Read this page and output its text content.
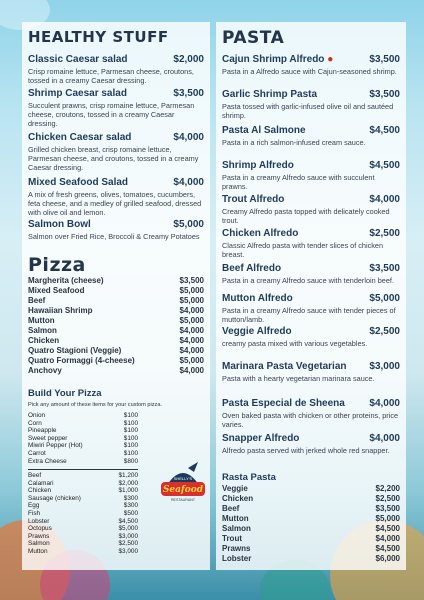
HEALTHY STUFF
Classic Caesar salad	$2,000
Crisp romaine lettuce, Parmesan cheese, croutons, tossed in a creamy Caesar dressing.
Shrimp Caesar salad	$3,500
Succulent prawns, crisp romaine lettuce, Parmesan cheese, croutons, tossed in a creamy Caesar dressing.
Chicken Caesar salad	$4,000
Grilled chicken breast, crisp romaine lettuce, Parmesan cheese, and croutons, tossed in a creamy Caesar dressing.
Mixed Seafood Salad	$4,000
A mix of fresh greens, olives, tomatoes, cucumbers, feta cheese, and a medley of grilled seafood, dressed with olive oil and lemon.
Salmon Bowl	$5,000
Salmon over Fried Rice, Broccoli & Creamy Potatoes
Pizza
Margherita (cheese)	$3,500
Mixed Seafood	$5,000
Beef	$5,000
Hawaiian Shrimp	$4,000
Mutton	$5,000
Salmon	$4,000
Chicken	$4,000
Quatro Stagioni (Veggie)	$4,000
Quatro Formaggi (4-cheese)	$5,000
Anchovy	$4,000
Build Your Pizza
Pick any amount of these items for your custom pizza.
Onion	$100
Corn	$100
Pineapple	$100
Sweet pepper	$100
Miwiri Pepper (Hot)	$100
Carrot	$100
Extra Cheese	$800
Beef	$1,200
Calamari	$2,000
Chicken	$1,000
Sausage (chicken)	$300
Egg	$300
Fish	$500
Lobster	$4,500
Octopus	$5,000
Prawns	$3,000
Salmon	$2,500
Mutton	$3,000
SHELLY'S
Seafood
RESTAURANT
PASTA
Cajun Shrimp Alfredo ●	$3,500
Pasta in a Alfredo sauce with Cajun-seasoned shrimp.
Garlic Shrimp Pasta	$3,500
Pasta tossed with garlic-infused olive oil and sautéed shrimp.
Pasta Al Salmone	$4,500
Pasta in a rich salmon-infused cream sauce.
Shrimp Alfredo	$4,500
Pasta in a creamy Alfredo sauce with succulent prawns.
Trout Alfredo	$4,000
Creamy Alfredo pasta topped with delicately cooked trout.
Chicken Alfredo	$2,500
Classic Alfredo pasta with tender slices of chicken breast.
Beef Alfredo	$3,500
Pasta in a creamy Alfredo sauce with tenderloin beef.
Mutton Alfredo	$5,000
Pasta in a creamy Alfredo sauce with tender pieces of mutton/lamb.
Veggie Alfredo	$2,500
creamy pasta mixed with various vegetables.
Marinara Pasta Vegetarian $3,000
Pasta with a hearty vegetarian marinara sauce.
Pasta Especial de Sheena $4,000
Oven baked pasta with chicken or other proteins, price varies.
Snapper Alfredo	$4,000
Alfredo pasta served with jerked whole red snapper.
Rasta Pasta
Veggie	$2,200
Chicken	$2,500
Beef	$3,500
Mutton	$5,000
Salmon	$4,500
Trout	$4,000
Prawns	$4,500
Lobster	$6,000
